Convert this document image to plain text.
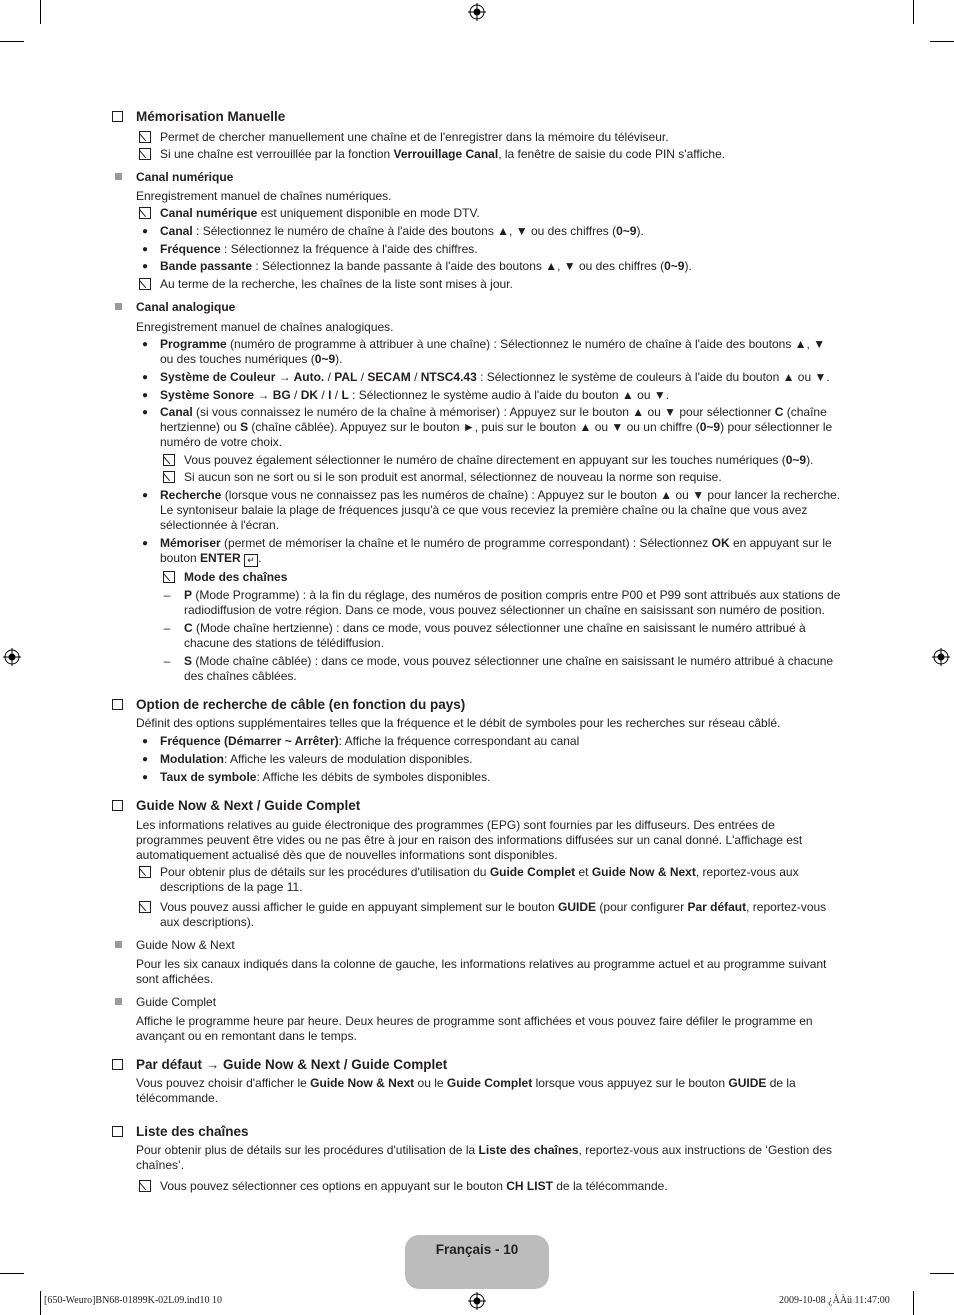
Mémorisation Manuelle
Permet de chercher manuellement une chaîne et de l'enregistrer dans la mémoire du téléviseur.
Si une chaîne est verrouillée par la fonction Verrouillage Canal, la fenêtre de saisie du code PIN s'affiche.
Canal numérique
Enregistrement manuel de chaînes numériques.
Canal numérique est uniquement disponible en mode DTV.
● Canal : Sélectionnez le numéro de chaîne à l'aide des boutons ▲, ▼ ou des chiffres (0~9).
● Fréquence : Sélectionnez la fréquence à l'aide des chiffres.
● Bande passante : Sélectionnez la bande passante à l'aide des boutons ▲, ▼ ou des chiffres (0~9).
Au terme de la recherche, les chaînes de la liste sont mises à jour.
Canal analogique
Enregistrement manuel de chaînes analogiques.
● Programme (numéro de programme à attribuer à une chaîne) : Sélectionnez le numéro de chaîne à l'aide des boutons ▲, ▼ ou des touches numériques (0~9).
● Système de Couleur → Auto. / PAL / SECAM / NTSC4.43 : Sélectionnez le système de couleurs à l'aide du bouton ▲ ou ▼.
● Système Sonore → BG / DK / I / L : Sélectionnez le système audio à l'aide du bouton ▲ ou ▼.
● Canal (si vous connaissez le numéro de la chaîne à mémoriser) : Appuyez sur le bouton ▲ ou ▼ pour sélectionner C (chaîne hertzienne) ou S (chaîne câblée). Appuyez sur le bouton ►, puis sur le bouton ▲ ou ▼ ou un chiffre (0~9) pour sélectionner le numéro de votre choix.
Vous pouvez également sélectionner le numéro de chaîne directement en appuyant sur les touches numériques (0~9).
Si aucun son ne sort ou si le son produit est anormal, sélectionnez de nouveau la norme son requise.
● Recherche (lorsque vous ne connaissez pas les numéros de chaîne) : Appuyez sur le bouton ▲ ou ▼ pour lancer la recherche. Le syntoniseur balaie la plage de fréquences jusqu'à ce que vous receviez la première chaîne ou la chaîne que vous avez sélectionnée à l'écran.
● Mémoriser (permet de mémoriser la chaîne et le numéro de programme correspondant) : Sélectionnez OK en appuyant sur le bouton ENTER ↵ .
Mode des chaînes
–	P (Mode Programme) : à la fin du réglage, des numéros de position compris entre P00 et P99 sont attribués aux stations de radiodiffusion de votre région. Dans ce mode, vous pouvez sélectionner un chaîne en saisissant son numéro de position.
–	C (Mode chaîne hertzienne) : dans ce mode, vous pouvez sélectionner une chaîne en saisissant le numéro attribué à chacune des stations de télédiffusion.
–	S (Mode chaîne câblée) : dans ce mode, vous pouvez sélectionner une chaîne en saisissant le numéro attribué à chacune des chaînes câblées.
Option de recherche de câble (en fonction du pays)
Définit des options supplémentaires telles que la fréquence et le débit de symboles pour les recherches sur réseau câblé.
● Fréquence (Démarrer ~ Arrêter): Affiche la fréquence correspondant au canal
● Modulation: Affiche les valeurs de modulation disponibles.
● Taux de symbole: Affiche les débits de symboles disponibles.
Guide Now & Next / Guide Complet
Les informations relatives au guide électronique des programmes (EPG) sont fournies par les diffuseurs. Des entrées de programmes peuvent être vides ou ne pas être à jour en raison des informations diffusées sur un canal donné. L'affichage est automatiquement actualisé dès que de nouvelles informations sont disponibles.
Pour obtenir plus de détails sur les procédures d'utilisation du Guide Complet et Guide Now & Next, reportez-vous aux descriptions de la page 11.
Vous pouvez aussi afficher le guide en appuyant simplement sur le bouton GUIDE (pour configurer Par défaut, reportez-vous aux descriptions).
Guide Now & Next
Pour les six canaux indiqués dans la colonne de gauche, les informations relatives au programme actuel et au programme suivant sont affichées.
Guide Complet
Affiche le programme heure par heure. Deux heures de programme sont affichées et vous pouvez faire défiler le programme en avançant ou en remontant dans le temps.
Par défaut → Guide Now & Next / Guide Complet
Vous pouvez choisir d'afficher le Guide Now & Next ou le Guide Complet lorsque vous appuyez sur le bouton GUIDE de la télécommande.
Liste des chaînes
Pour obtenir plus de détails sur les procédures d'utilisation de la Liste des chaînes, reportez-vous aux instructions de ‘Gestion des chaînes’.
Vous pouvez sélectionner ces options en appuyant sur le bouton CH LIST de la télécommande.
Français - 10
[650-Weuro]BN68-01899K-02L09.ind10 10	2009-10-08 ¿ÀÀü 11:47:00
